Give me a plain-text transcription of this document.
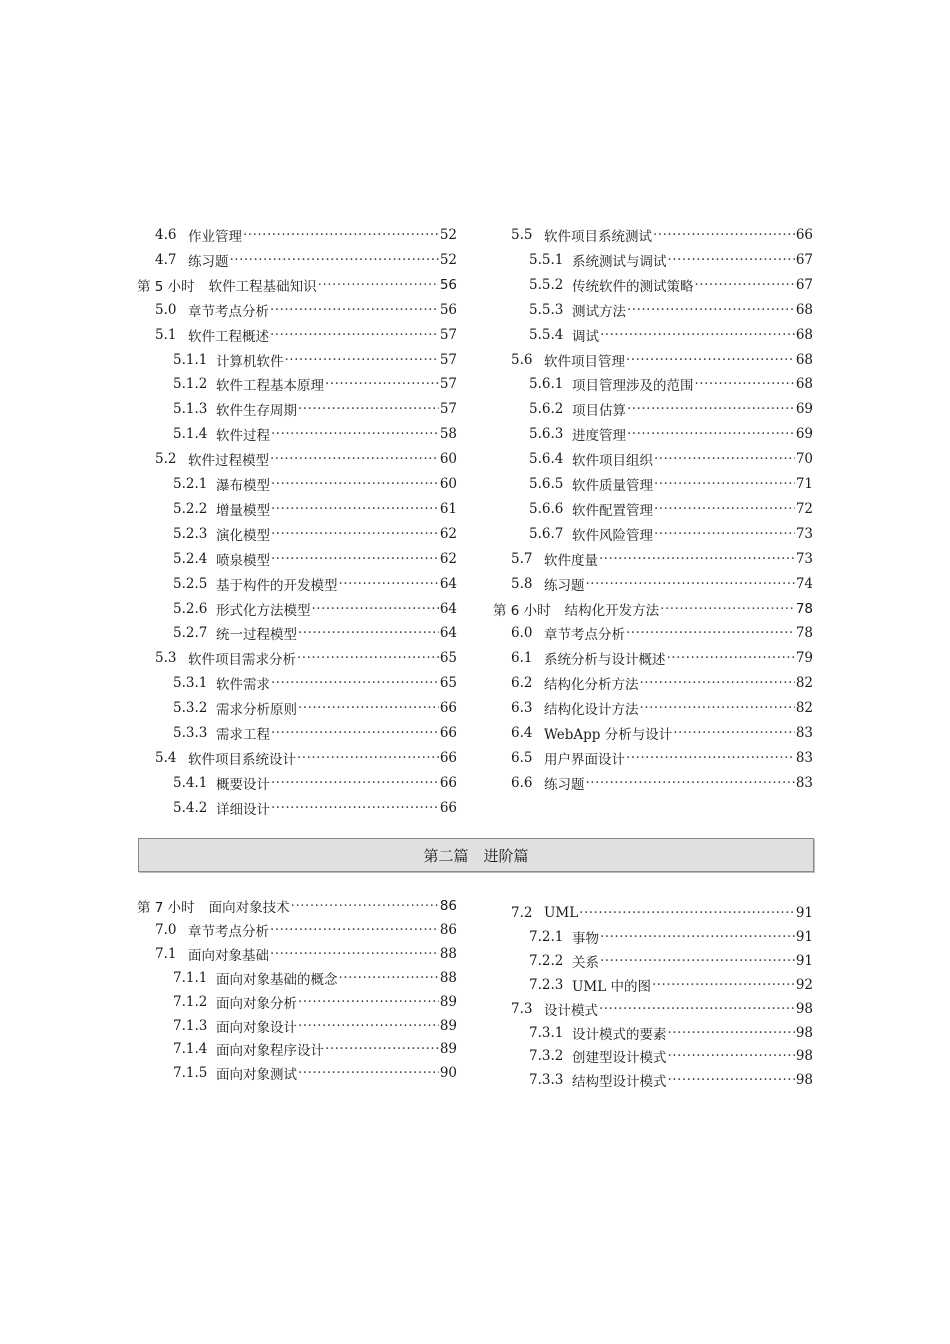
4.6 作业管理 ·····	52
4.7 练习题 ·····	52
第 5 小时 软件工程基础知识 ·····	56
5.0 章节考点分析 ·····	56
5.1 软件工程概述 ·····	57
5.1.1 计算机软件 ·····	57
5.1.2 软件工程基本原理 ·····	57
5.1.3 软件生存周期 ·····	57
5.1.4 软件过程 ·····	58
5.2 软件过程模型 ·····	60
5.2.1 瀑布模型 ·····	60
5.2.2 增量模型 ·····	61
5.2.3 演化模型 ·····	62
5.2.4 喷泉模型 ·····	62
5.2.5 基于构件的开发模型 ·····	64
5.2.6 形式化方法模型 ·····	64
5.2.7 统一过程模型 ·····	64
5.3 软件项目需求分析 ·····	65
5.3.1 软件需求 ·····	65
5.3.2 需求分析原则 ·····	66
5.3.3 需求工程 ·····	66
5.4 软件项目系统设计 ·····	66
5.4.1 概要设计 ·····	66
5.4.2 详细设计 ·····	66
5.5 软件项目系统测试 ·····	66
5.5.1 系统测试与调试 ·····	67
5.5.2 传统软件的测试策略 ·····	67
5.5.3 测试方法 ·····	68
5.5.4 调试 ·····	68
5.6 软件项目管理 ·····	68
5.6.1 项目管理涉及的范围 ·····	68
5.6.2 项目估算 ·····	69
5.6.3 进度管理 ·····	69
5.6.4 软件项目组织 ·····	70
5.6.5 软件质量管理 ·····	71
5.6.6 软件配置管理 ·····	72
5.6.7 软件风险管理 ·····	73
5.7 软件度量 ·····	73
5.8 练习题 ·····	74
第 6 小时 结构化开发方法 ·····	78
6.0 章节考点分析 ·····	78
6.1 系统分析与设计概述 ·····	79
6.2 结构化分析方法 ·····	82
6.3 结构化设计方法 ·····	82
6.4 WebApp 分析与设计 ·····	83
6.5 用户界面设计 ·····	83
6.6 练习题 ·····	83
第二篇　进阶篇
第 7 小时 面向对象技术 ·····	86
7.0 章节考点分析 ·····	86
7.1 面向对象基础 ·····	88
7.1.1 面向对象基础的概念 ·····	88
7.1.2 面向对象分析 ·····	89
7.1.3 面向对象设计 ·····	89
7.1.4 面向对象程序设计 ·····	89
7.1.5 面向对象测试 ·····	90
7.2 UML ·····	91
7.2.1 事物 ·····	91
7.2.2 关系 ·····	91
7.2.3 UML 中的图 ·····	92
7.3 设计模式 ·····	98
7.3.1 设计模式的要素 ·····	98
7.3.2 创建型设计模式 ·····	98
7.3.3 结构型设计模式 ·····	98
